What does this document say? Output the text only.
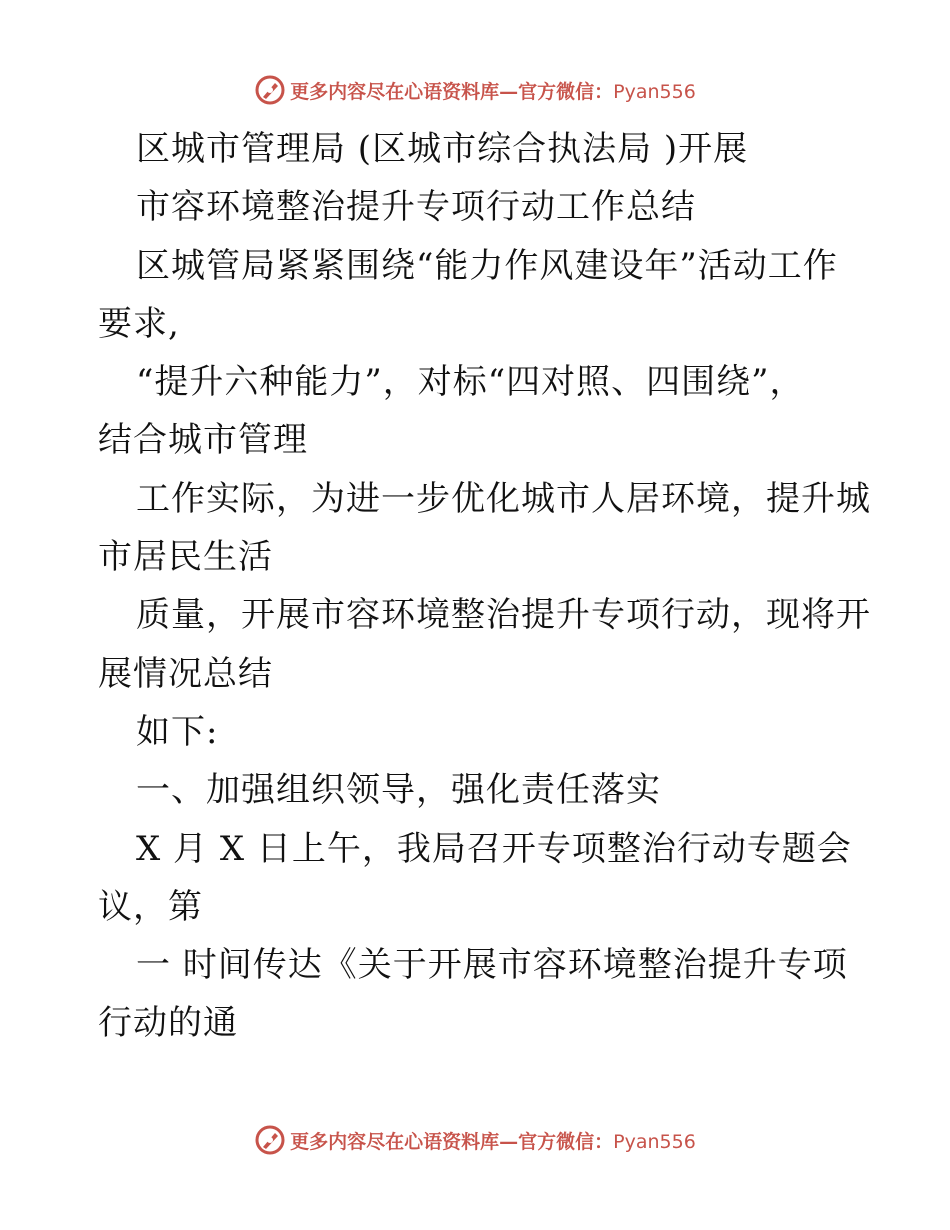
更多内容尽在心语资料库—官方微信：Pyan556
区城市管理局 (区城市综合执法局 )开展
市容环境整治提升专项行动工作总结
区城管局紧紧围绕“能力作风建设年”活动工作
要求,
“提升六种能力”，对标“四对照、四围绕”，
结合城市管理
工作实际，为进一步优化城市人居环境，提升城
市居民生活
质量，开展市容环境整治提升专项行动，现将开
展情况总结
如下:
一、加强组织领导，强化责任落实
X 月 X 日上午，我局召开专项整治行动专题会
议，第
一 时间传达《关于开展市容环境整治提升专项
行动的通
更多内容尽在心语资料库—官方微信：Pyan556
